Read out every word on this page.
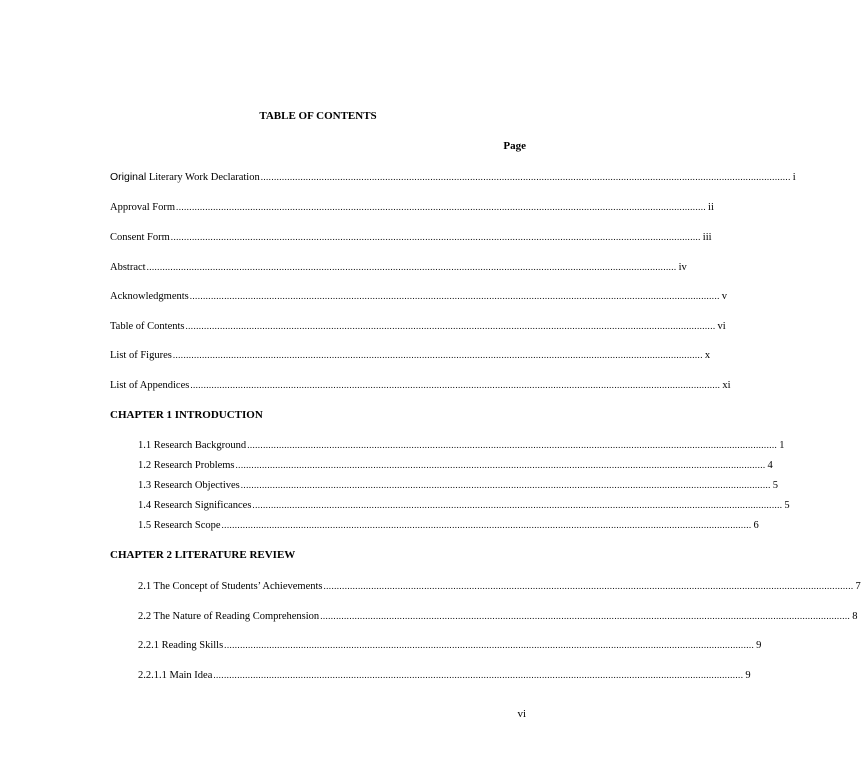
TABLE OF CONTENTS
Page
Original Literary Work Declaration ........................................................................................................................................................................................................ i
Approval Form ........................................................................................................................................................................................................ ii
Consent Form ........................................................................................................................................................................................................ iii
Abstract ........................................................................................................................................................................................................ iv
Acknowledgments ........................................................................................................................................................................................................ v
Table of Contents ........................................................................................................................................................................................................ vi
List of Figures ........................................................................................................................................................................................................ x
List of Appendices ........................................................................................................................................................................................................ xi
CHAPTER 1 INTRODUCTION
1.1 Research Background ........................................................................................................................................................................................................ 1
1.2 Research Problems ........................................................................................................................................................................................................ 4
1.3 Research Objectives ........................................................................................................................................................................................................ 5
1.4 Research Significances ........................................................................................................................................................................................................ 5
1.5 Research Scope ........................................................................................................................................................................................................ 6
CHAPTER 2 LITERATURE REVIEW
2.1 The Concept of Students’ Achievements ........................................................................................................................................................................................................ 7
2.2 The Nature of Reading Comprehension ........................................................................................................................................................................................................ 8
2.2.1 Reading Skills ........................................................................................................................................................................................................ 9
2.2.1.1 Main Idea ........................................................................................................................................................................................................ 9
vi
